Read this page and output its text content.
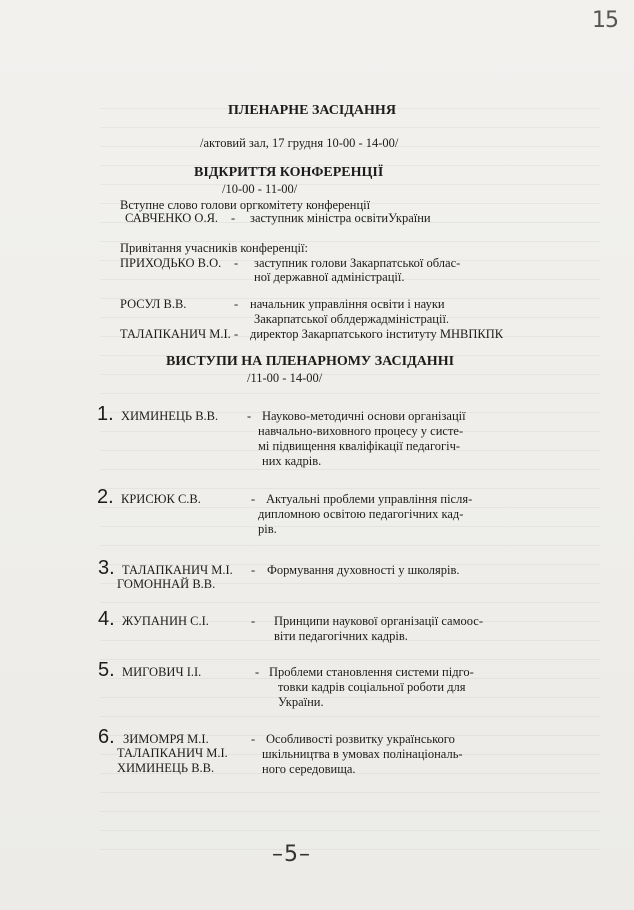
15
ПЛЕНАРНЕ ЗАСІДАННЯ
/актовий зал, 17 грудня 10-00 - 14-00/
ВІДКРИТТЯ КОНФЕРЕНЦІЇ
/10-00 - 11-00/
Вступне слово голови оргкомітету конференції
САВЧЕНКО О.Я. - заступник міністра освітиУкраїни
Привітання учасників конференції:
ПРИХОДЬКО В.О. - заступник голови Закарпатської облас-
ної державної адміністрації.
РОСУЛ В.В.	- начальник управління освіти і науки
Закарпатської облдержадміністрації.
ТАЛАПКАНИЧ М.І. - директор Закарпатського інституту МНВПКПК
ВИСТУПИ НА ПЛЕНАРНОМУ ЗАСІДАННІ
/11-00 - 14-00/
1. ХИМИНЕЦЬ В.В. - Науково-методичні основи організації
навчально-виховного процесу у систе-
мі підвищення кваліфікації педагогіч-
них кадрів.
2. КРИСЮК С.В.	- Актуальні проблеми управління після-
дипломною освітою педагогічних кад-
рів.
3. ТАЛАПКАНИЧ М.І.
ГОМОННАЙ В.В.
- Формування духовності у школярів.
4. ЖУПАНИН С.І.	- Принципи наукової організації самоос-
віти педагогічних кадрів.
5. МИГОВИЧ І.І.	- Проблеми становлення системи підго-
товки кадрів соціальної роботи для
України.
6. ЗИМОМРЯ М.І.
ТАЛАПКАНИЧ М.І.
ХИМИНЕЦЬ В.В.
- Особливості розвитку українського
шкільництва в умовах полінаціональ-
ного середовища.
–5–
